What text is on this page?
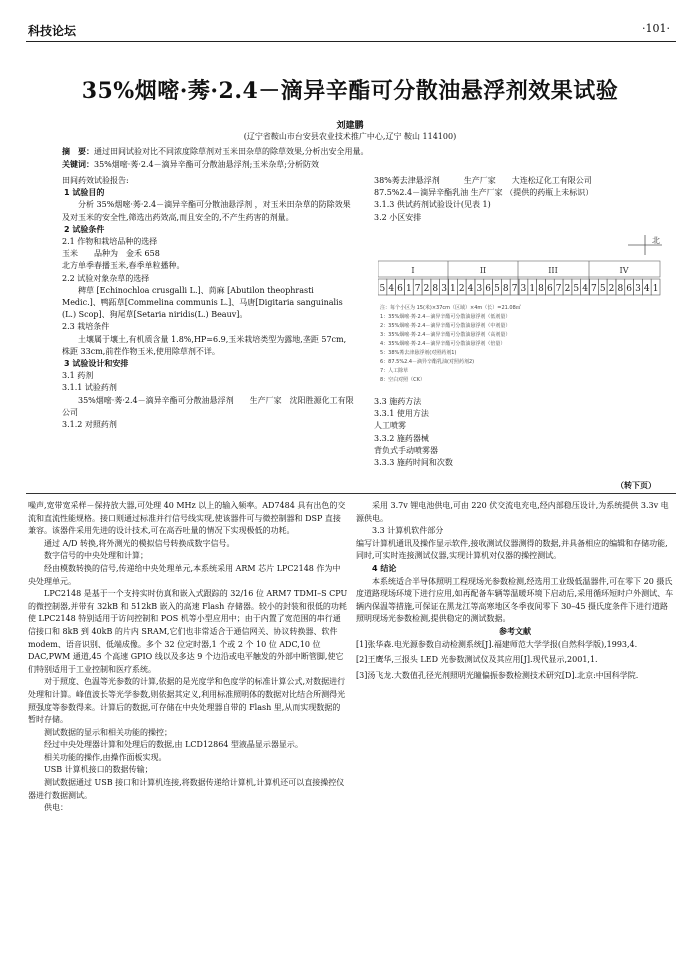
科技论坛	·101·
35%烟嘧·莠·2.4－滴异辛酯可分散油悬浮剂效果试验
刘建鹏
(辽宁省鞍山市台安县农业技术推广中心,辽宁 鞍山 114100)
摘　要：通过田间试验对比不同浓度除草剂对玉米田杂草的除草效果,分析出安全用量。
关键词：35%烟嘧·莠·2.4－滴异辛酯可分散油悬浮剂;玉米杂草;分析防效

田间药效试验报告:

1 试验目的

分析 35%烟嘧·莠·2.4－滴异辛酯可分散油悬浮剂 ，对玉米田杂草的防除效果及对玉米的安全性,筛选出药效高,而且安全的,不产生药害的剂量。

2 试验条件

2.1 作物和栽培品种的选择

玉米　　品种为　金禾 658

北方单季春播玉米,春季单粒播种。

2.2 试验对象杂草的选择

稗草 [Echinochloa crusgalli L.]、苘麻 [Abutilon theophrasti Medic.]、鸭跖草[Commelina communis L.]、马唐[Digitaria sanguinalis (L.) Scop]、狗尾草[Setaria niridis(L.) Beauv]。

2.3 栽培条件

土壤属于壤土,有机质含量 1.8%,HP=6.9,玉米栽培类型为露地,垄距 57cm,株距 33cm,前茬作物玉米,使用除草剂不详。

3 试验设计和安排

3.1 药剂

3.1.1 试验药剂

35%烟嘧·莠·2.4－滴异辛酯可分散油悬浮剂　　生产厂家　沈阳胜源化工有限公司

3.1.2 对照药剂

38%莠去津悬浮剂　　　生产厂家　　大连松辽化工有限公司

87.5%2.4－滴异辛酯乳油 生产厂家 （提供的药瓶上未标识）

3.1.3 供试药剂试验设计(见表 1)

3.2 小区安排

北
I	II	III	IV
5 4 6 1 7 2 8 3 1 2 4 3 6 5 8 7 3 1 8 6 7 2 5 4 7 5 2 8 6 3 4 1
注：每个小区为 15(米)×37cm（区域）×4m（长）=21.08㎡
1：35%烟嘧·莠·2.4－滴异辛酯可分散油悬浮剂（低剂量）
2：35%烟嘧·莠·2.4－滴异辛酯可分散油悬浮剂（中剂量）
3：35%烟嘧·莠·2.4－滴异辛酯可分散油悬浮剂（高剂量）
4：35%烟嘧·莠·2.4－滴异辛酯可分散油悬浮剂（倍量）
5：38%莠去津悬浮剂(对照药剂1)
6：87.5%2.4－滴异辛酯乳油(对照药剂2)
7：人工除草
8：空白对照（CK）

3.3 施药方法

3.3.1 使用方法

人工喷雾

3.3.2 施药器械

背负式手动喷雾器

3.3.3 施药时间和次数

（转下页）

噪声,宽带宽采样－保持放大器,可处理 40 MHz 以上的输入频率。AD7484 具有出色的交流和直流性能规格。接口则通过标准并行信号线实现,使该器件可与微控制器和 DSP 直接兼容。该器件采用先进的设计技术,可在高吞吐量的情况下实现极低的功耗。

通过 A/D 转换,将外测光的模拟信号转换成数字信号。

数字信号的中央处理和计算；

经由模数转换的信号,传递给中央处理单元,本系统采用 ARM 芯片 LPC2148 作为中央处理单元。

LPC2148 是基于一个支持实时仿真和嵌入式跟踪的 32/16 位 ARM7 TDMI–S CPU 的微控制器,并带有 32kB 和 512kB 嵌入的高速 Flash 存储器。较小的封装和很低的功耗使 LPC2148 特别适用于访问控制和 POS 机等小型应用中；由于内置了宽范围的串行通信接口和 8kB 到 40kB 的片内 SRAM,它们也非常适合于通信网关、协议转换器、软件 modem、语音识别、低端成像。多个 32 位定时器,1 个或 2 个 10 位 ADC,10 位 DAC,PWM 通道,45 个高速 GPIO 线以及多达 9 个边沿或电平触发的外部中断管脚,使它们特别适用于工业控制和医疗系统。

对于照度、色温等光参数的计算,依据的是光度学和色度学的标准计算公式,对数据进行处理和计算。峰值波长等光学参数,则依据其定义,利用标准照明体的数据对比结合所测得光照强度等参数得来。计算后的数据,可存储在中央处理器自带的 Flash 里,从而实现数据的暂时存储。

测试数据的显示和相关功能的操控；

经过中央处理器计算和处理后的数据,由 LCD12864 型液晶显示器显示。

相关功能的操作,由操作面板实现。

USB 计算机接口的数据传输；

测试数据通过 USB 接口和计算机连接,将数据传递给计算机,计算机还可以直接操控仪器进行数据测试。

供电：

采用 3.7v 锂电池供电,可由 220 伏交流电充电,经内部稳压设计,为系统提供 3.3v 电源供电。

3.3 计算机软件部分

编写计算机通讯及操作显示软件,接收测试仪器测得的数据,并具备相应的编辑和存储功能,同时,可实时连接测试仪器,实现计算机对仪器的操控测试。

4 结论

本系统适合半导体照明工程现场光参数检测,经选用工业级低温器件,可在零下 20 摄氏度道路现场环境下进行应用,如再配备车辆等温暖环境下启动后,采用循环短时户外测试、车辆内保温等措施,可保证在黑龙江等高寒地区冬季夜间零下 30–45 摄氏度条件下进行道路照明现场光参数检测,提供稳定的测试数据。

参考文献

[1]张华森.电光源参数自动检测系统[J].福建师范大学学报(自然科学版),1993,4.

[2]王鹰华,三报头 LED 光参数测试仪及其应用[J].现代显示,2001,1.

[3]汤飞龙.大数值孔径光剂照明光瞳偏振参数检测技术研究[D].北京:中国科学院.
